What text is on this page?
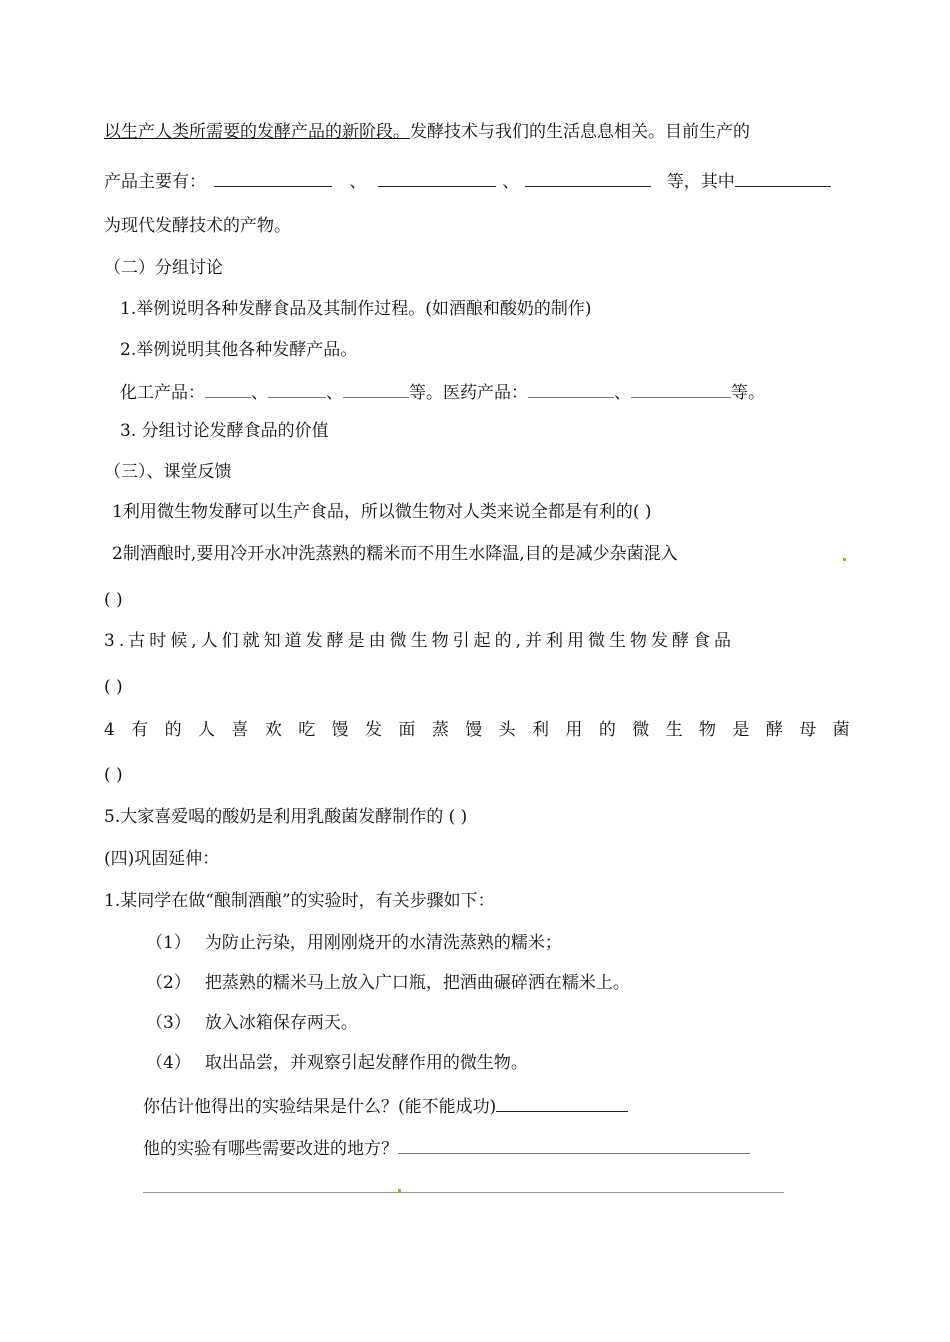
以生产人类所需要的发酵产品的新阶段。发酵技术与我们的生活息息相关。目前生产的
产品主要有：	、	、	等，其中
为现代发酵技术的产物。
（二）分组讨论
1.举例说明各种发酵食品及其制作过程。(如酒酿和酸奶的制作)
2.举例说明其他各种发酵产品。
化工产品：	、	、	等。医药产品：	、	等。
3. 分组讨论发酵食品的价值
（三）、课堂反馈
1利用微生物发酵可以生产食品，所以微生物对人类来说全都是有利的( )
2制酒酿时,要用冷开水冲洗蒸熟的糯米而不用生水降温,目的是减少杂菌混入
( )
3.古时候,人们就知道发酵是由微生物引起的,并利用微生物发酵食品
( )
4有的人喜欢吃馒发面蒸馒头利用的微生物是酵母菌
( )
5.大家喜爱喝的酸奶是利用乳酸菌发酵制作的 ( )
(四)巩固延伸：
1.某同学在做“酿制酒酿”的实验时，有关步骤如下：
（1） 为防止污染，用刚刚烧开的水清洗蒸熟的糯米；
（2） 把蒸熟的糯米马上放入广口瓶，把酒曲碾碎洒在糯米上。
（3） 放入冰箱保存两天。
（4） 取出品尝，并观察引起发酵作用的微生物。
你估计他得出的实验结果是什么？(能不能成功)
他的实验有哪些需要改进的地方？
